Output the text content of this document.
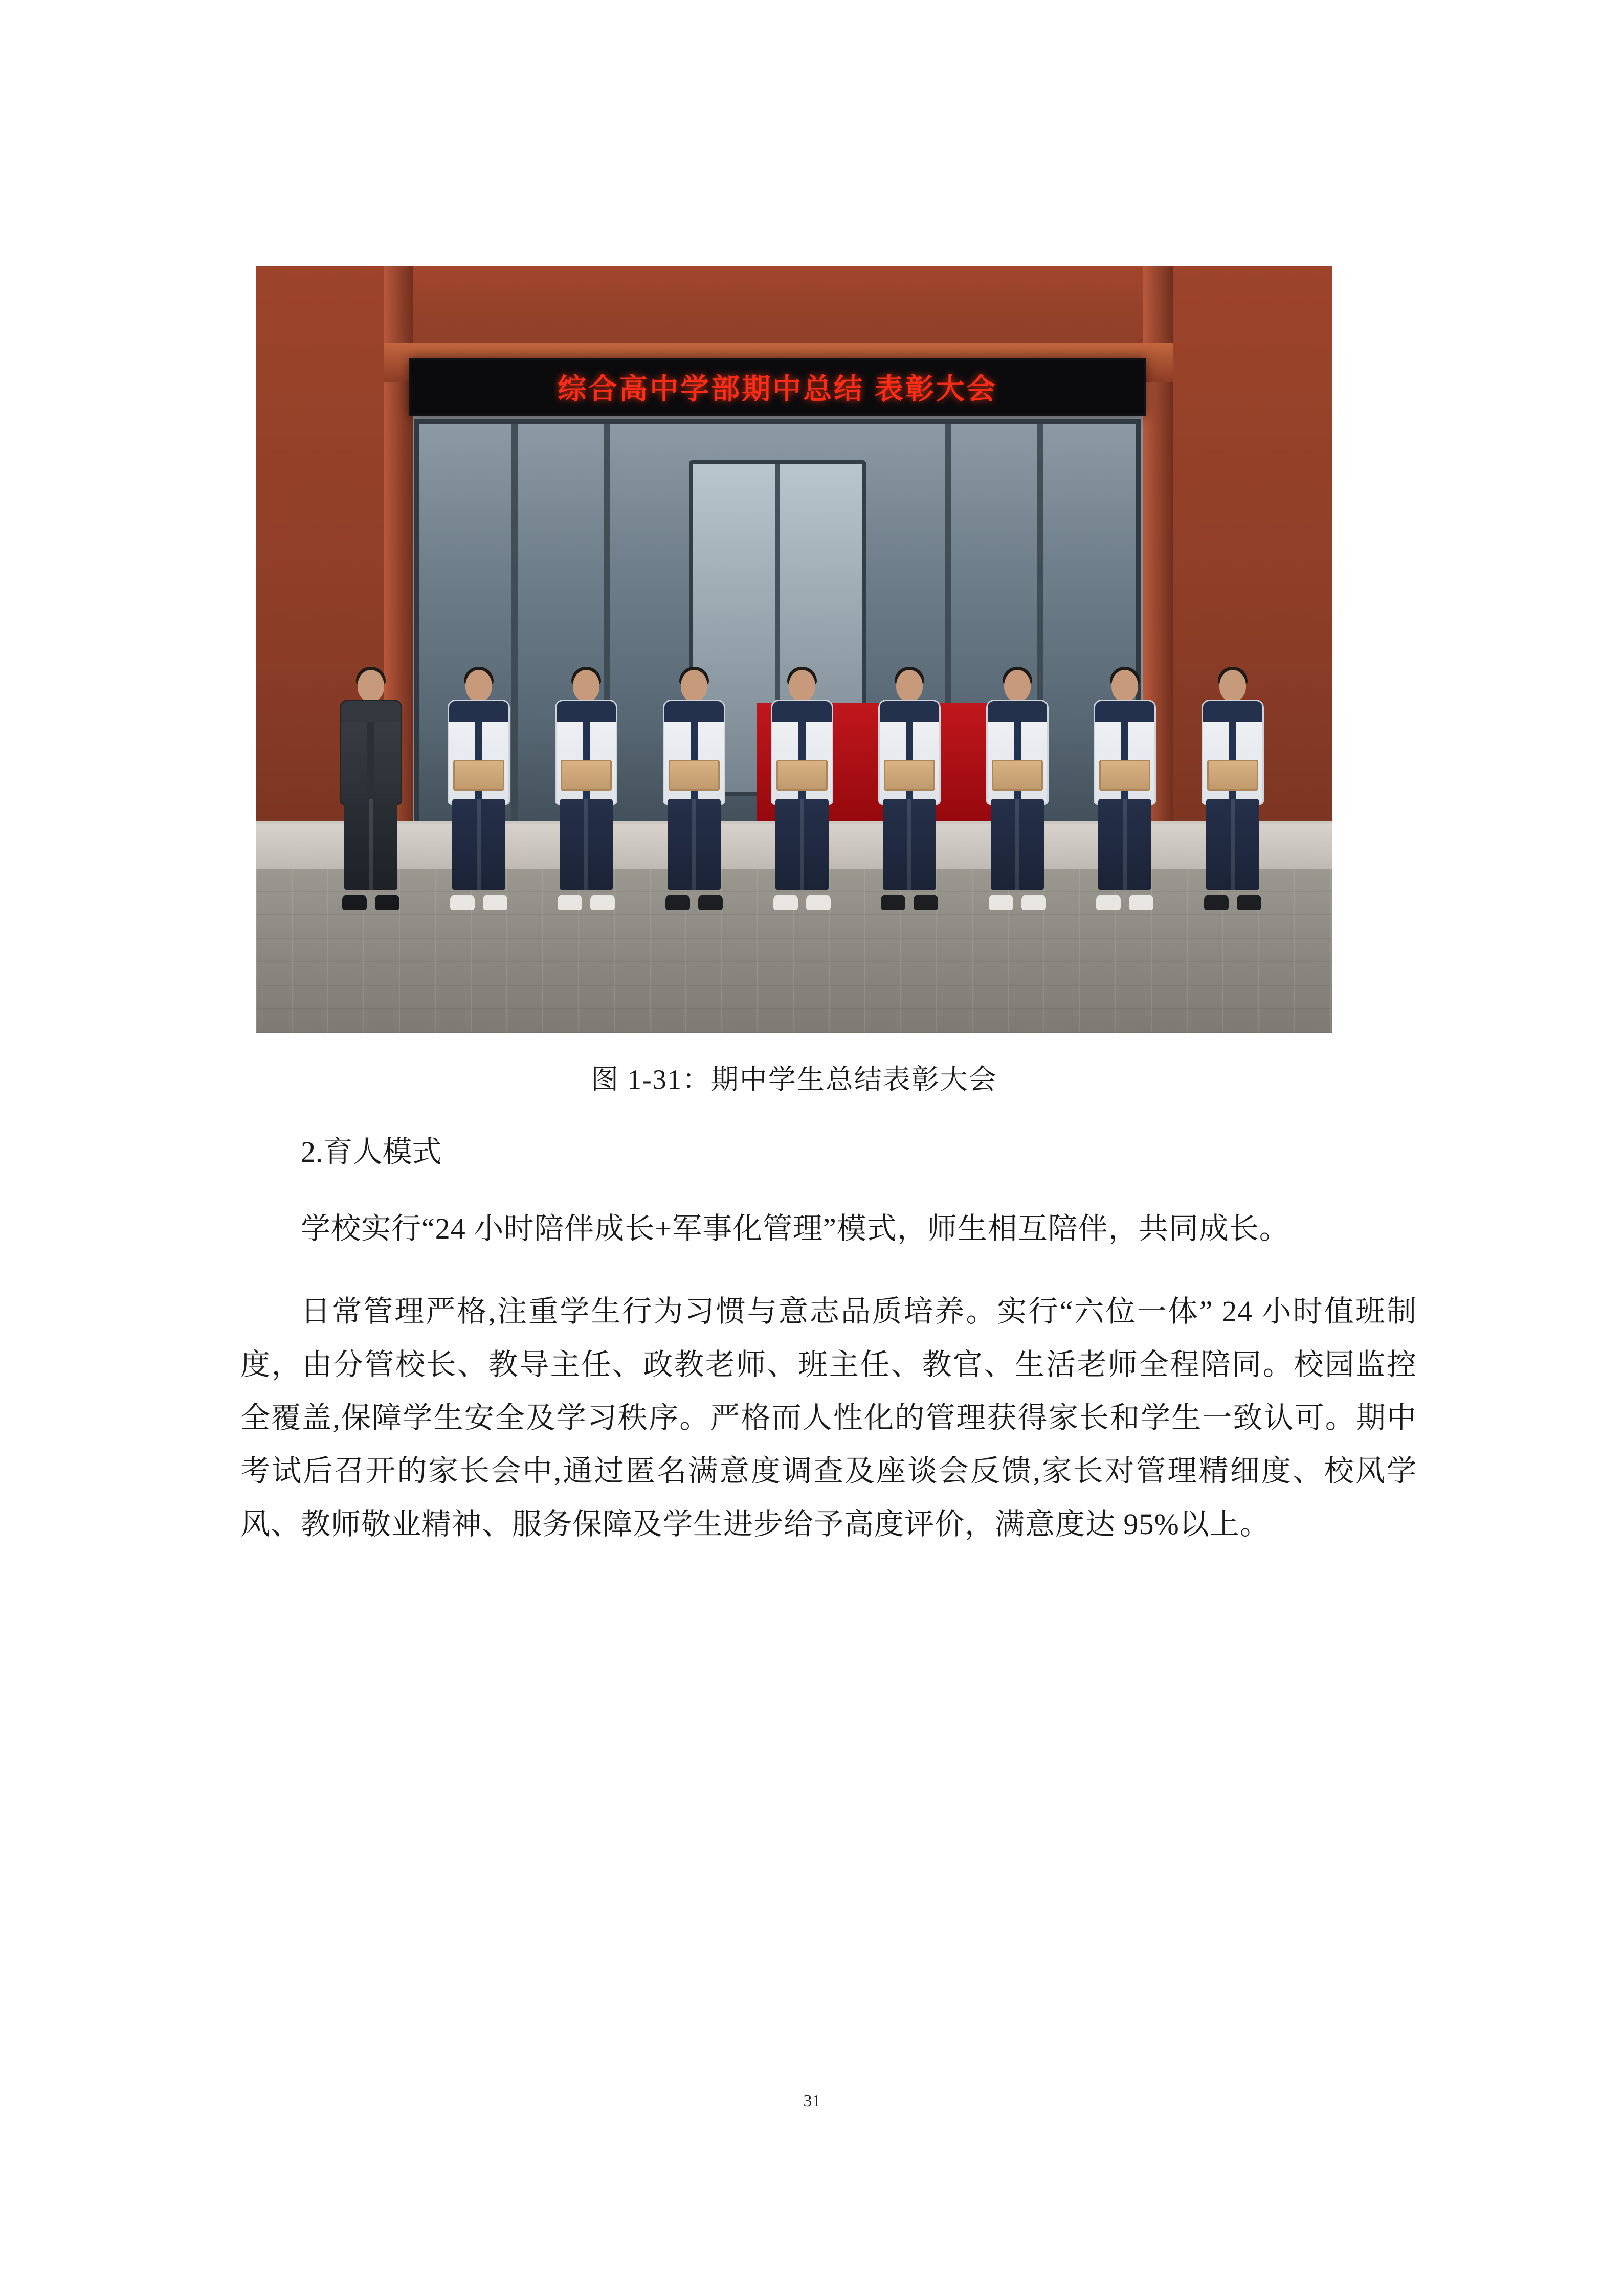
综合高中学部期中总结 表彰大会
图 1-31：期中学生总结表彰大会
2.育人模式

学校实行“24 小时陪伴成长+军事化管理”模式，师生相互陪伴，共同成长。

日常管理严格,注重学生行为习惯与意志品质培养。实行“六位一体” 24 小时值班制度，由分管校长、教导主任、政教老师、班主任、教官、生活老师全程陪同。校园监控全覆盖,保障学生安全及学习秩序。严格而人性化的管理获得家长和学生一致认可。期中考试后召开的家长会中,通过匿名满意度调查及座谈会反馈,家长对管理精细度、校风学风、教师敬业精神、服务保障及学生进步给予高度评价，满意度达 95%以上。

31
